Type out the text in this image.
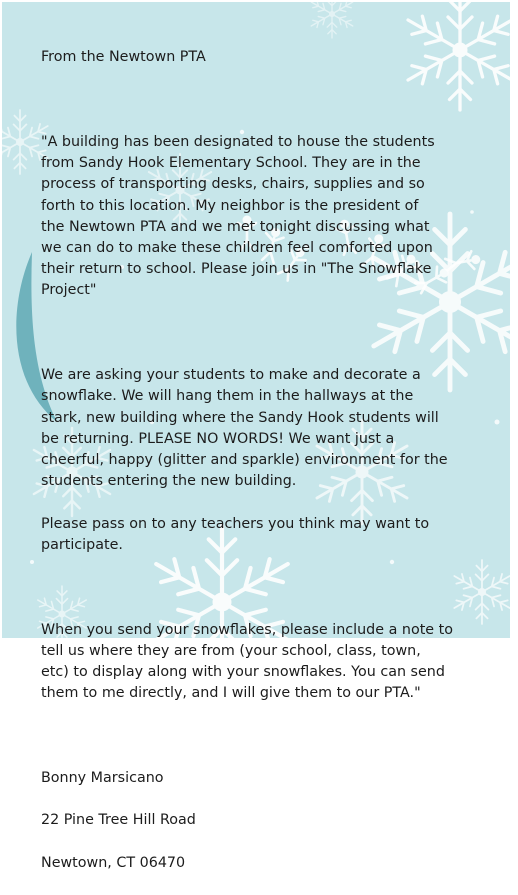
From the Newtown PTA

"A building has been designated to house the students
from Sandy Hook Elementary School. They are in the
process of transporting desks, chairs, supplies and so
forth to this location. My neighbor is the president of
the Newtown PTA and we met tonight discussing what
we can do to make these children feel comforted upon
their return to school. Please join us in "The Snowflake
Project"

We are asking your students to make and decorate a
snowflake. We will hang them in the hallways at the
stark, new building where the Sandy Hook students will
be returning. PLEASE NO WORDS! We want just a
cheerful, happy (glitter and sparkle) environment for the
students entering the new building.

Please pass on to any teachers you think may want to
participate.

When you send your snowflakes, please include a note to
tell us where they are from (your school, class, town,
etc) to display along with your snowflakes. You can send
them to me directly, and I will give them to our PTA."

Bonny Marsicano

22 Pine Tree Hill Road

Newtown, CT 06470
